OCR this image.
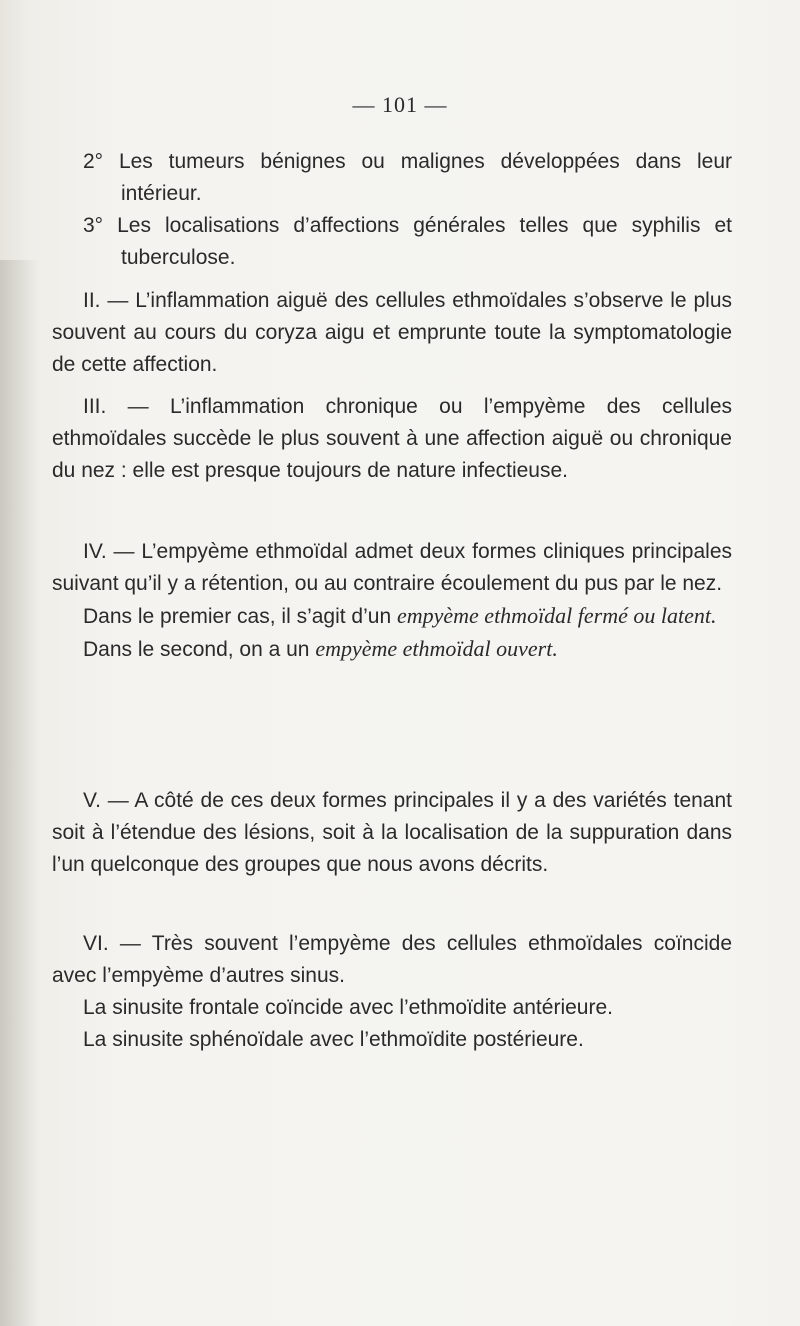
— 101 —

2° Les tumeurs bénignes ou malignes développées dans leur intérieur.

3° Les localisations d’affections générales telles que syphilis et tuberculose.

II. — L’inflammation aiguë des cellules ethmoïdales s’observe le plus souvent au cours du coryza aigu et emprunte toute la symptomatologie de cette affection.

III. — L’inflammation chronique ou l’empyème des cellules ethmoïdales succède le plus souvent à une affection aiguë ou chronique du nez : elle est presque toujours de nature infectieuse.

IV. — L’empyème ethmoïdal admet deux formes cliniques principales suivant qu’il y a rétention, ou au contraire écoulement du pus par le nez.

Dans le premier cas, il s’agit d’un empyème ethmoïdal fermé ou latent.

Dans le second, on a un empyème ethmoïdal ouvert.

V. — A côté de ces deux formes principales il y a des variétés tenant soit à l’étendue des lésions, soit à la localisation de la suppuration dans l’un quelconque des groupes que nous avons décrits.

VI. — Très souvent l’empyème des cellules ethmoïdales coïncide avec l’empyème d’autres sinus.

La sinusite frontale coïncide avec l’ethmoïdite antérieure.

La sinusite sphénoïdale avec l’ethmoïdite postérieure.
